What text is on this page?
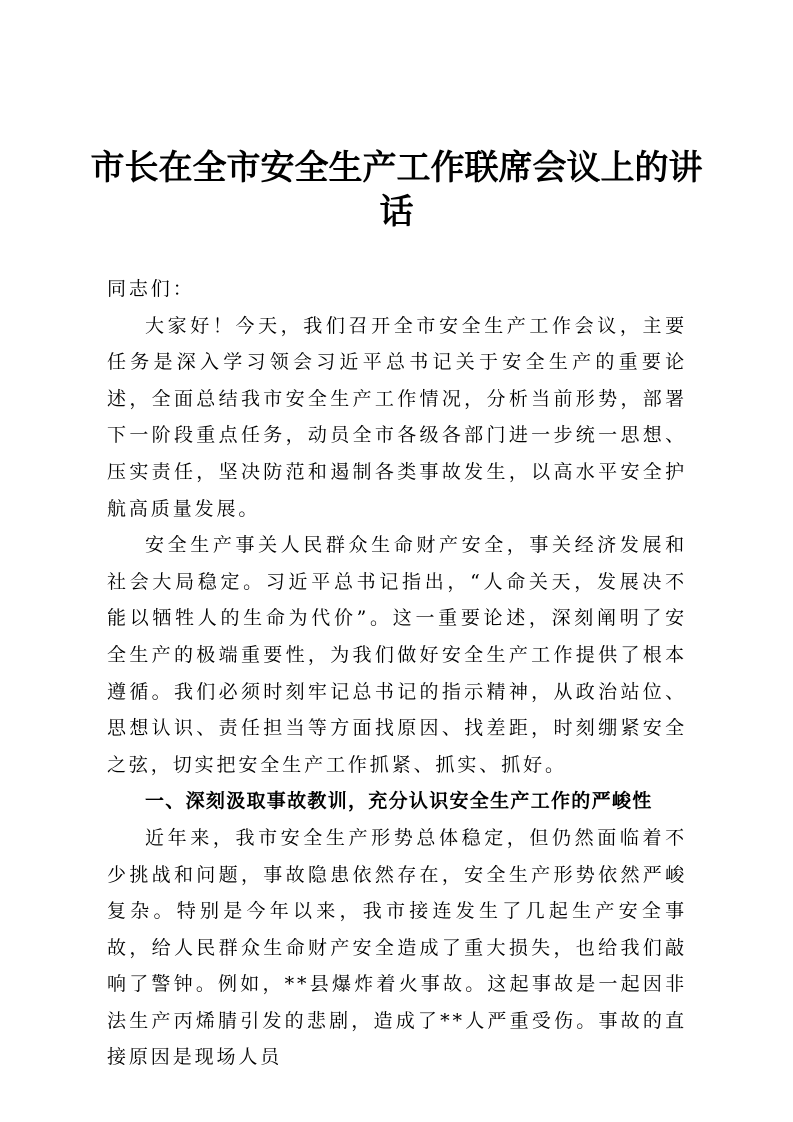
市长在全市安全生产工作联席会议上的讲话

同志们：

大家好！今天，我们召开全市安全生产工作会议，主要任务是深入学习领会习近平总书记关于安全生产的重要论述，全面总结我市安全生产工作情况，分析当前形势，部署下一阶段重点任务，动员全市各级各部门进一步统一思想、压实责任，坚决防范和遏制各类事故发生，以高水平安全护航高质量发展。

安全生产事关人民群众生命财产安全，事关经济发展和社会大局稳定。习近平总书记指出，“人命关天，发展决不能以牺牲人的生命为代价”。这一重要论述，深刻阐明了安全生产的极端重要性，为我们做好安全生产工作提供了根本遵循。我们必须时刻牢记总书记的指示精神，从政治站位、思想认识、责任担当等方面找原因、找差距，时刻绷紧安全之弦，切实把安全生产工作抓紧、抓实、抓好。

一、深刻汲取事故教训，充分认识安全生产工作的严峻性

近年来，我市安全生产形势总体稳定，但仍然面临着不少挑战和问题，事故隐患依然存在，安全生产形势依然严峻复杂。特别是今年以来，我市接连发生了几起生产安全事故，给人民群众生命财产安全造成了重大损失，也给我们敲响了警钟。例如，**县爆炸着火事故。这起事故是一起因非法生产丙烯腈引发的悲剧，造成了**人严重受伤。事故的直接原因是现场人员
